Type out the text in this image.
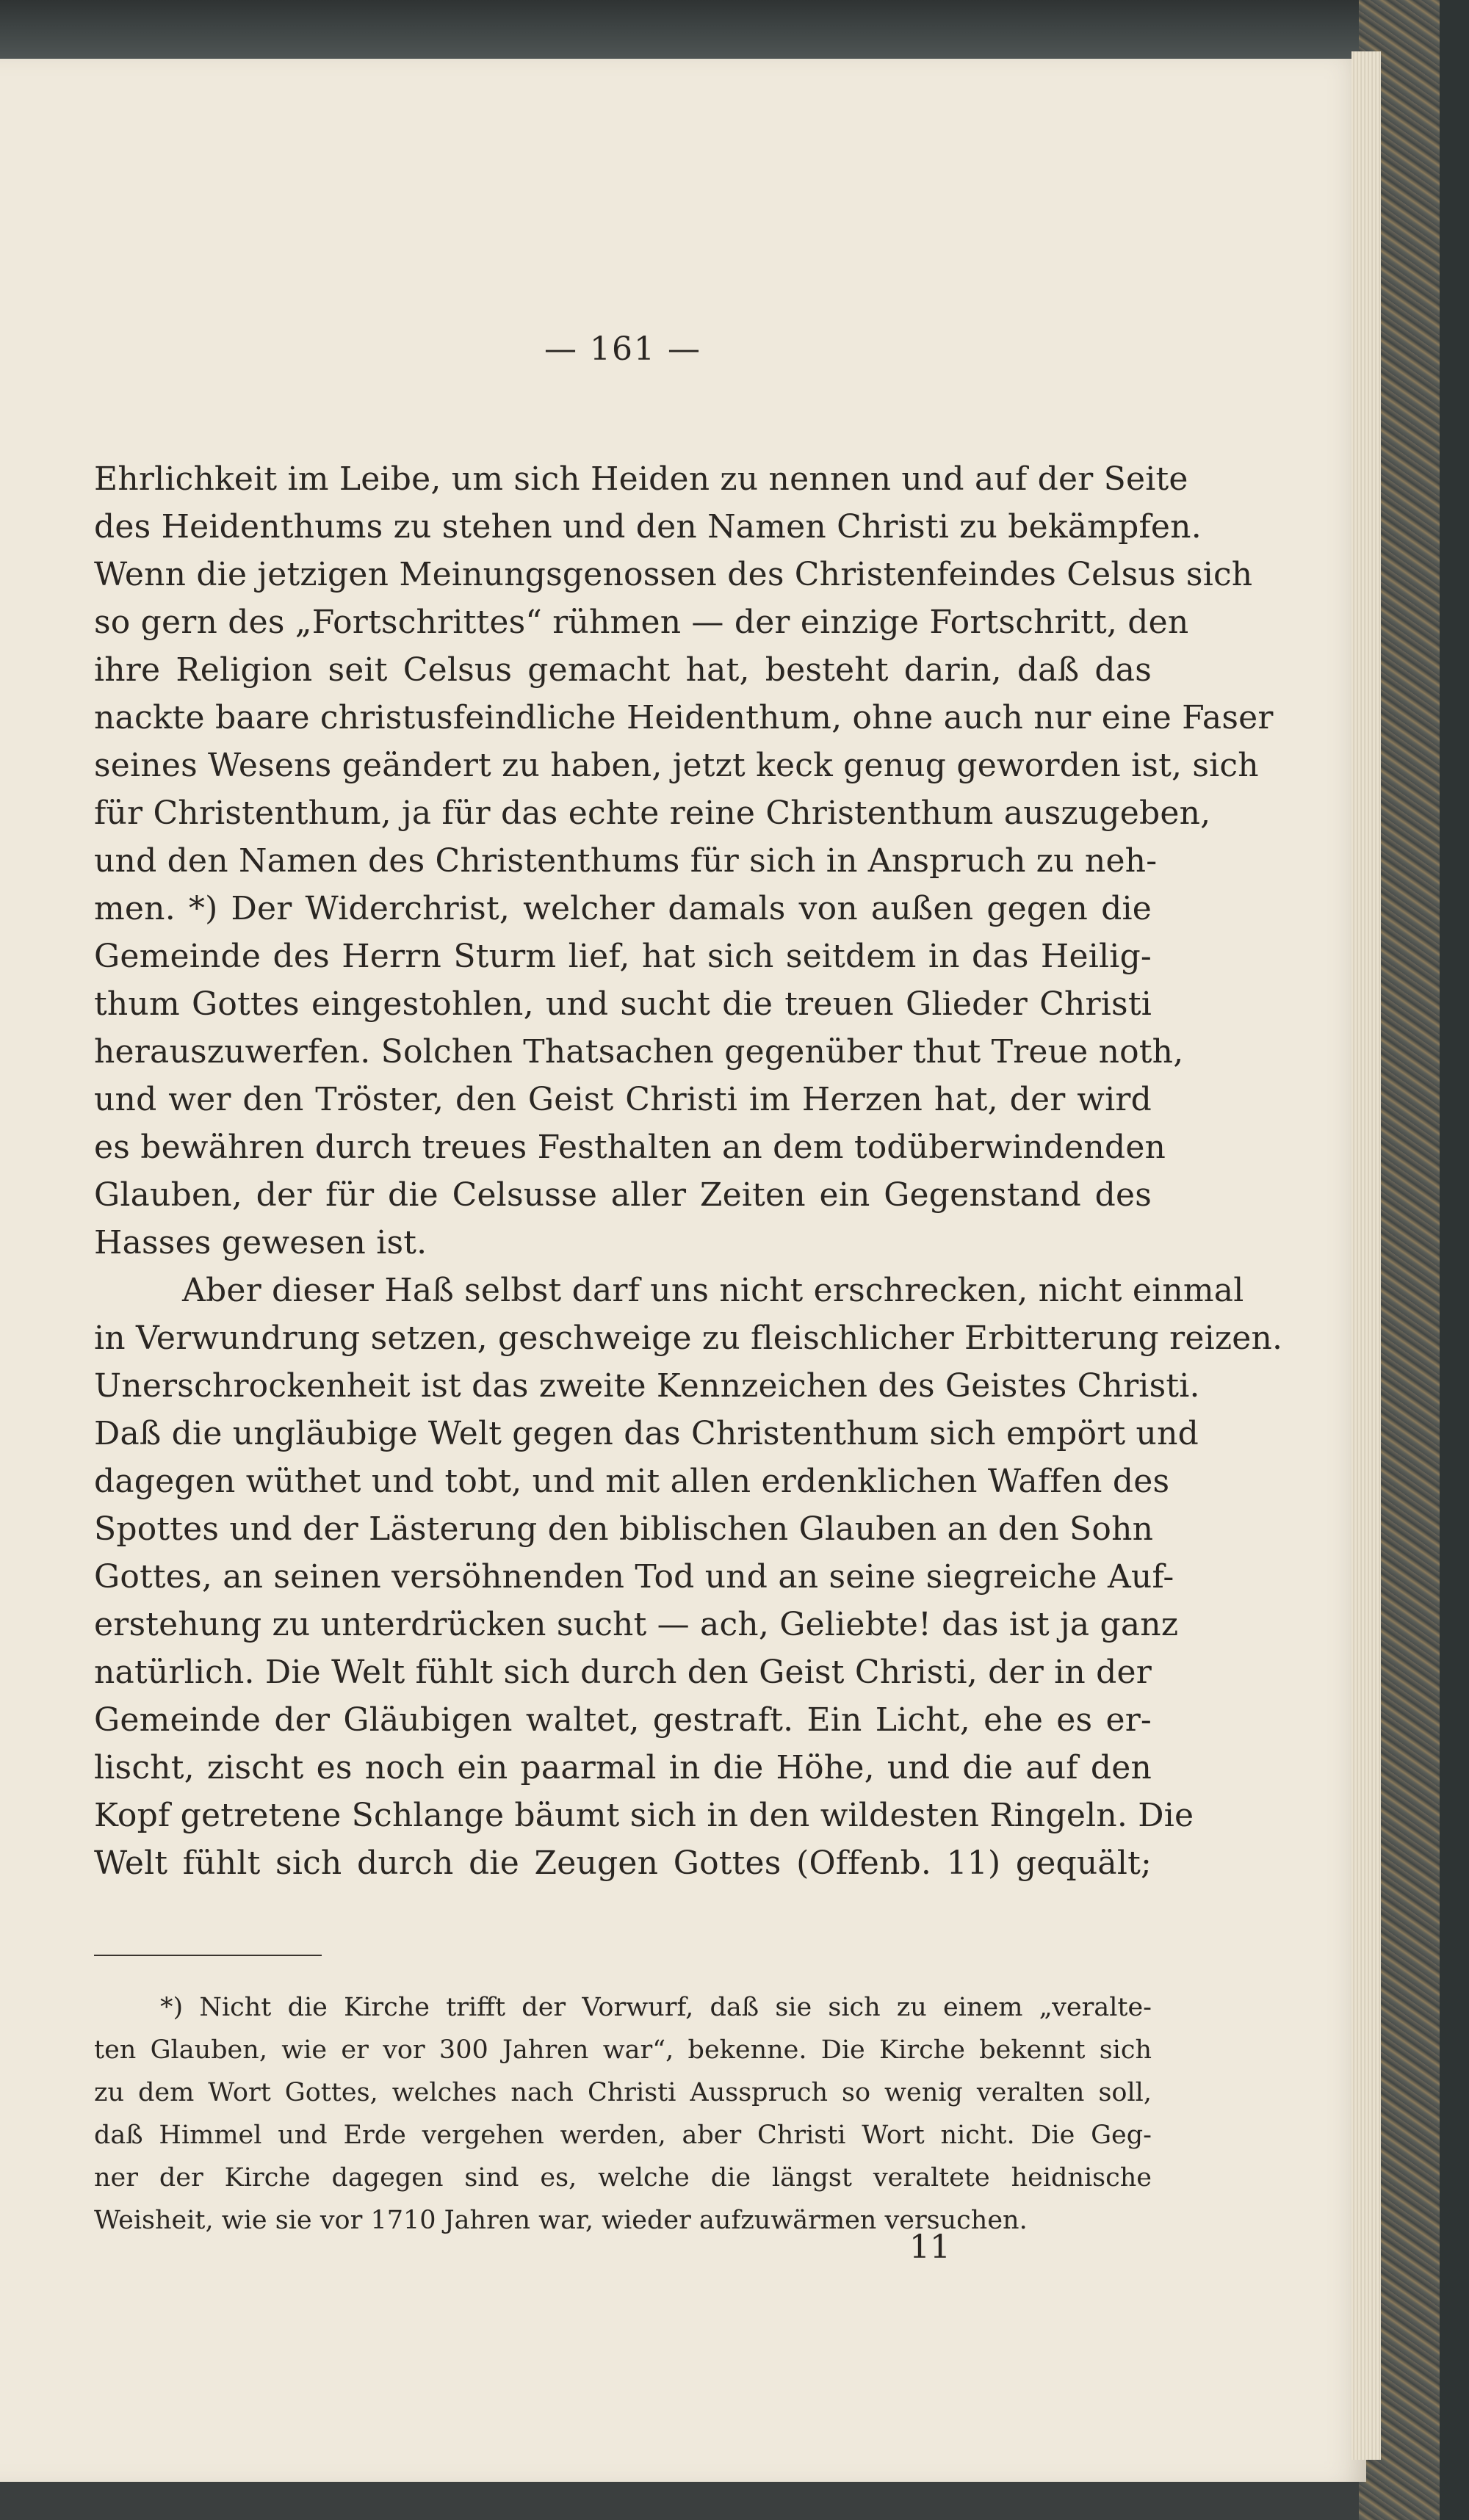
— 161 —
Ehrlichkeit im Leibe, um sich Heiden zu nennen und auf der Seite
des Heidenthums zu stehen und den Namen Christi zu bekämpfen.
Wenn die jetzigen Meinungsgenossen des Christenfeindes Celsus sich
so gern des „Fortschrittes“ rühmen — der einzige Fortschritt, den
ihre Religion seit Celsus gemacht hat, besteht darin, daß das
nackte baare christusfeindliche Heidenthum, ohne auch nur eine Faser
seines Wesens geändert zu haben, jetzt keck genug geworden ist, sich
für Christenthum, ja für das echte reine Christenthum auszugeben,
und den Namen des Christenthums für sich in Anspruch zu neh-
men. *) Der Widerchrist, welcher damals von außen gegen die
Gemeinde des Herrn Sturm lief, hat sich seitdem in das Heilig-
thum Gottes eingestohlen, und sucht die treuen Glieder Christi
herauszuwerfen. Solchen Thatsachen gegenüber thut Treue noth,
und wer den Tröster, den Geist Christi im Herzen hat, der wird
es bewähren durch treues Festhalten an dem todüberwindenden
Glauben, der für die Celsusse aller Zeiten ein Gegenstand des
Hasses gewesen ist.
Aber dieser Haß selbst darf uns nicht erschrecken, nicht einmal
in Verwundrung setzen, geschweige zu fleischlicher Erbitterung reizen.
Unerschrockenheit ist das zweite Kennzeichen des Geistes Christi.
Daß die ungläubige Welt gegen das Christenthum sich empört und
dagegen wüthet und tobt, und mit allen erdenklichen Waffen des
Spottes und der Lästerung den biblischen Glauben an den Sohn
Gottes, an seinen versöhnenden Tod und an seine siegreiche Auf-
erstehung zu unterdrücken sucht — ach, Geliebte! das ist ja ganz
natürlich. Die Welt fühlt sich durch den Geist Christi, der in der
Gemeinde der Gläubigen waltet, gestraft. Ein Licht, ehe es er-
lischt, zischt es noch ein paarmal in die Höhe, und die auf den
Kopf getretene Schlange bäumt sich in den wildesten Ringeln. Die
Welt fühlt sich durch die Zeugen Gottes (Offenb. 11) gequält;
*) Nicht die Kirche trifft der Vorwurf, daß sie sich zu einem „veralte-
ten Glauben, wie er vor 300 Jahren war“, bekenne. Die Kirche bekennt sich
zu dem Wort Gottes, welches nach Christi Ausspruch so wenig veralten soll,
daß Himmel und Erde vergehen werden, aber Christi Wort nicht. Die Geg-
ner der Kirche dagegen sind es, welche die längst veraltete heidnische
Weisheit, wie sie vor 1710 Jahren war, wieder aufzuwärmen versuchen.
11
